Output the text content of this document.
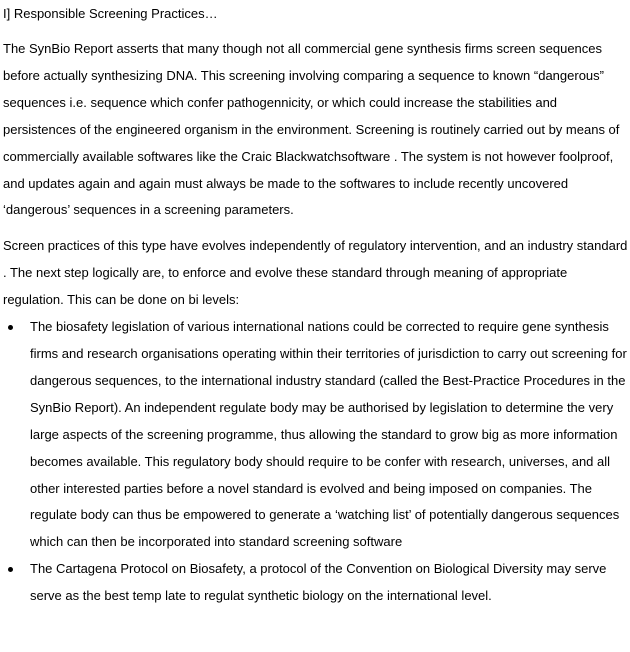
I] Responsible Screening Practices…

The SynBio Report asserts that many though not all commercial gene synthesis firms screen sequences before actually synthesizing DNA. This screening involving comparing a sequence to known “dangerous” sequences i.e. sequence which confer pathogennicity, or which could increase the stabilities and persistences of the engineered organism in the environment. Screening is routinely carried out by means of commercially available softwares like the Craic Blackwatchsoftware . The system is not however foolproof, and updates again and again must always be made to the softwares to include recently uncovered ‘dangerous’ sequences in a screening parameters.

Screen practices of this type have evolves independently of regulatory intervention, and an industry standard . The next step logically are, to enforce and evolve these standard through meaning of appropriate regulation. This can be done on bi levels:

The biosafety legislation of various international nations could be corrected to require gene synthesis firms and research organisations operating within their territories of jurisdiction to carry out screening for dangerous sequences, to the international industry standard (called the Best-Practice Procedures in the SynBio Report). An independent regulate body may be authorised by legislation to determine the very large aspects of the screening programme, thus allowing the standard to grow big as more information becomes available. This regulatory body should require to be confer with research, universes, and all other interested parties before a novel standard is evolved and being imposed on companies. The regulate body can thus be empowered to generate a ‘watching list’ of potentially dangerous sequences which can then be incorporated into standard screening software
The Cartagena Protocol on Biosafety, a protocol of the Convention on Biological Diversity may serve serve as the best temp late to regulat synthetic biology on the international level.
